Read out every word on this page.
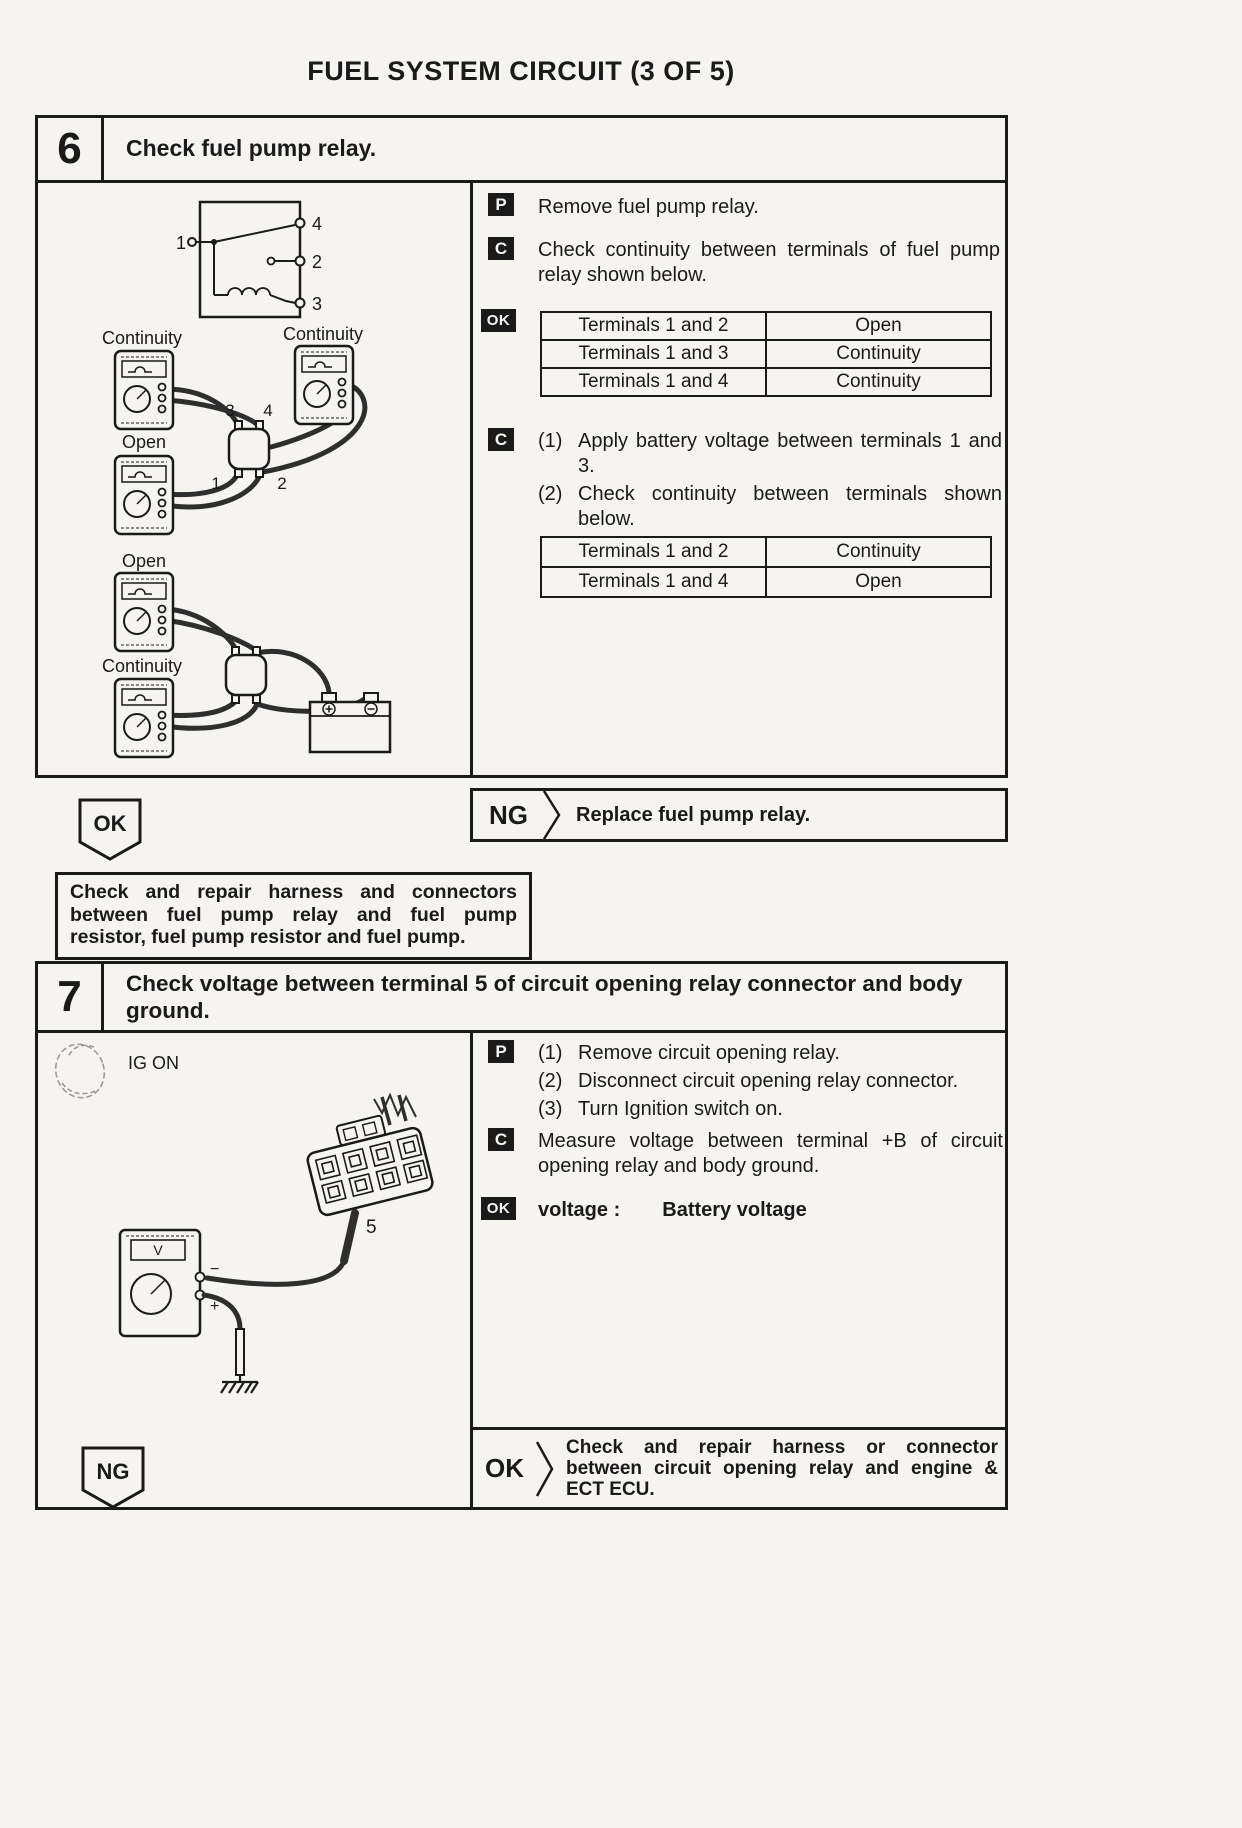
FUEL SYSTEM CIRCUIT (3 OF 5)
6	Check fuel pump relay.
1
4
2
3
Continuity	Continuity
Open
Open
Continuity
3 4
1	2
P	Remove fuel pump relay.
C	Check continuity between terminals of fuel pump relay shown below.
OK	Terminals 1 and 2	Open
Terminals 1 and 3	Continuity
Terminals 1 and 4	Continuity
C	(1) Apply battery voltage between terminals 1 and 3.
(2) Check continuity between terminals shown below.
Terminals 1 and 2	Continuity
Terminals 1 and 4	Open
NG Replace fuel pump relay.
OK
Check and repair harness and connectors between fuel pump relay and fuel pump resistor, fuel pump resistor and fuel pump.
7	Check voltage between terminal 5 of circuit opening relay connector and body ground.
IG ON
5
V
−
+
P	(1) Remove circuit opening relay.
(2) Disconnect circuit opening relay connector.
(3) Turn Ignition switch on.
C	Measure voltage between terminal +B of circuit opening relay and body ground.
OK voltage : Battery voltage
OK
Check and repair harness or connector between circuit opening relay and engine & ECT ECU.
NG
